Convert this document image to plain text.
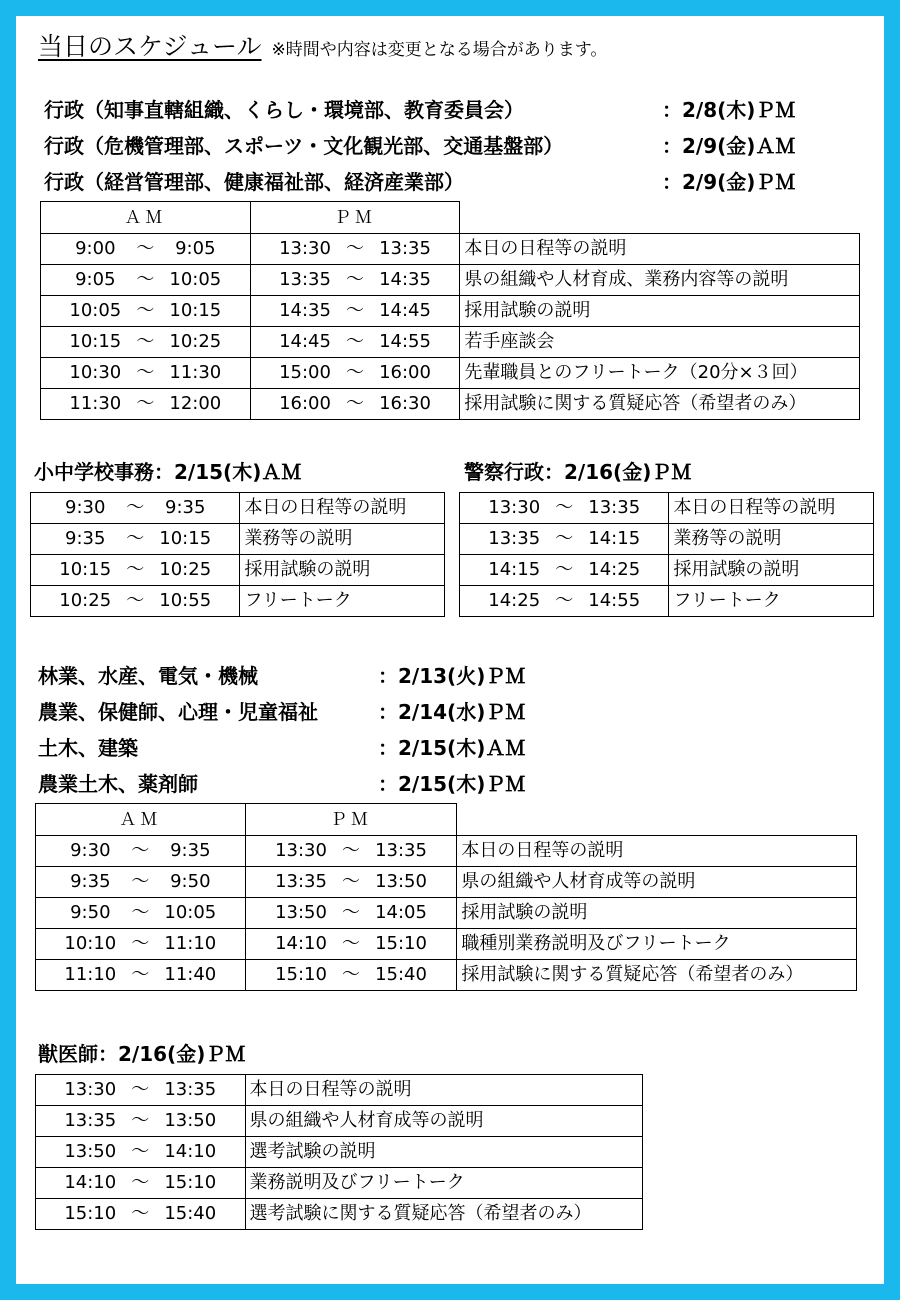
当日のスケジュール ※時間や内容は変更となる場合があります。
行政（知事直轄組織、くらし・環境部、教育委員会）	：2/8(木)ＰＭ
行政（危機管理部、スポーツ・文化観光部、交通基盤部）	：2/9(金)ＡＭ
行政（経営管理部、健康福祉部、経済産業部）	：2/9(金)ＰＭ
ＡＭ	ＰＭ	
9:00 ～ 9:05	13:30 ～ 13:35	本日の日程等の説明
9:05 ～ 10:05	13:35 ～ 14:35	県の組織や人材育成、業務内容等の説明
10:05 ～ 10:15	14:35 ～ 14:45	採用試験の説明
10:15 ～ 10:25	14:45 ～ 14:55	若手座談会
10:30 ～ 11:30	15:00 ～ 16:00	先輩職員とのフリートーク（20分×３回）
11:30 ～ 12:00	16:00 ～ 16:30	採用試験に関する質疑応答（希望者のみ）
小中学校事務：2/15(木)ＡＭ
9:30 ～ 9:35	本日の日程等の説明
9:35 ～ 10:15	業務等の説明
10:15 ～ 10:25	採用試験の説明
10:25 ～ 10:55	フリートーク
警察行政：2/16(金)ＰＭ
13:30 ～ 13:35	本日の日程等の説明
13:35 ～ 14:15	業務等の説明
14:15 ～ 14:25	採用試験の説明
14:25 ～ 14:55	フリートーク
林業、水産、電気・機械	：2/13(火)ＰＭ
農業、保健師、心理・児童福祉	：2/14(水)ＰＭ
土木、建築	：2/15(木)ＡＭ
農業土木、薬剤師	：2/15(木)ＰＭ
ＡＭ	ＰＭ	
9:30 ～ 9:35	13:30 ～ 13:35	本日の日程等の説明
9:35 ～ 9:50	13:35 ～ 13:50	県の組織や人材育成等の説明
9:50 ～ 10:05	13:50 ～ 14:05	採用試験の説明
10:10 ～ 11:10	14:10 ～ 15:10	職種別業務説明及びフリートーク
11:10 ～ 11:40	15:10 ～ 15:40	採用試験に関する質疑応答（希望者のみ）
獣医師：2/16(金)ＰＭ
13:30 ～ 13:35	本日の日程等の説明
13:35 ～ 13:50	県の組織や人材育成等の説明
13:50 ～ 14:10	選考試験の説明
14:10 ～ 15:10	業務説明及びフリートーク
15:10 ～ 15:40	選考試験に関する質疑応答（希望者のみ）
